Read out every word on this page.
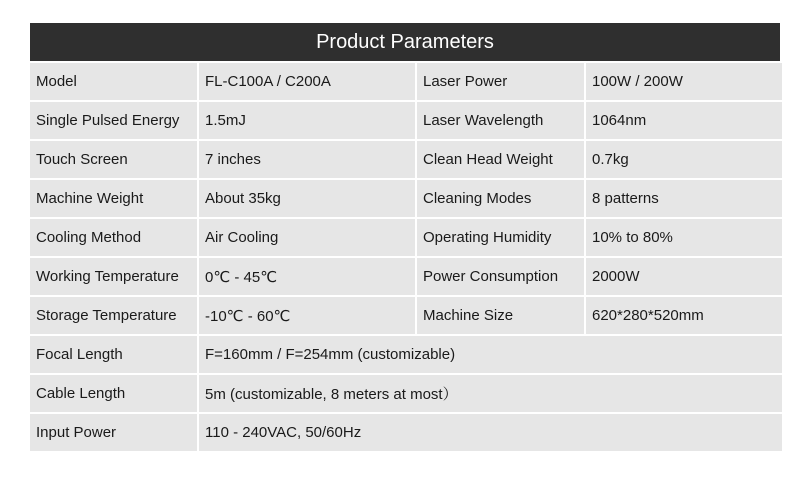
Product Parameters
Model	FL-C100A / C200A	Laser Power	100W / 200W
Single Pulsed Energy	1.5mJ	Laser Wavelength	1064nm
Touch Screen	7 inches	Clean Head Weight	0.7kg
Machine Weight	About 35kg	Cleaning Modes	8 patterns
Cooling Method	Air Cooling	Operating Humidity	10% to 80%
Working Temperature	0℃ - 45℃	Power Consumption	2000W
Storage Temperature	-10℃ - 60℃	Machine Size	620*280*520mm
Focal Length	F=160mm / F=254mm (customizable)
Cable Length	5m (customizable, 8 meters at most）
Input Power	110 - 240VAC, 50/60Hz
